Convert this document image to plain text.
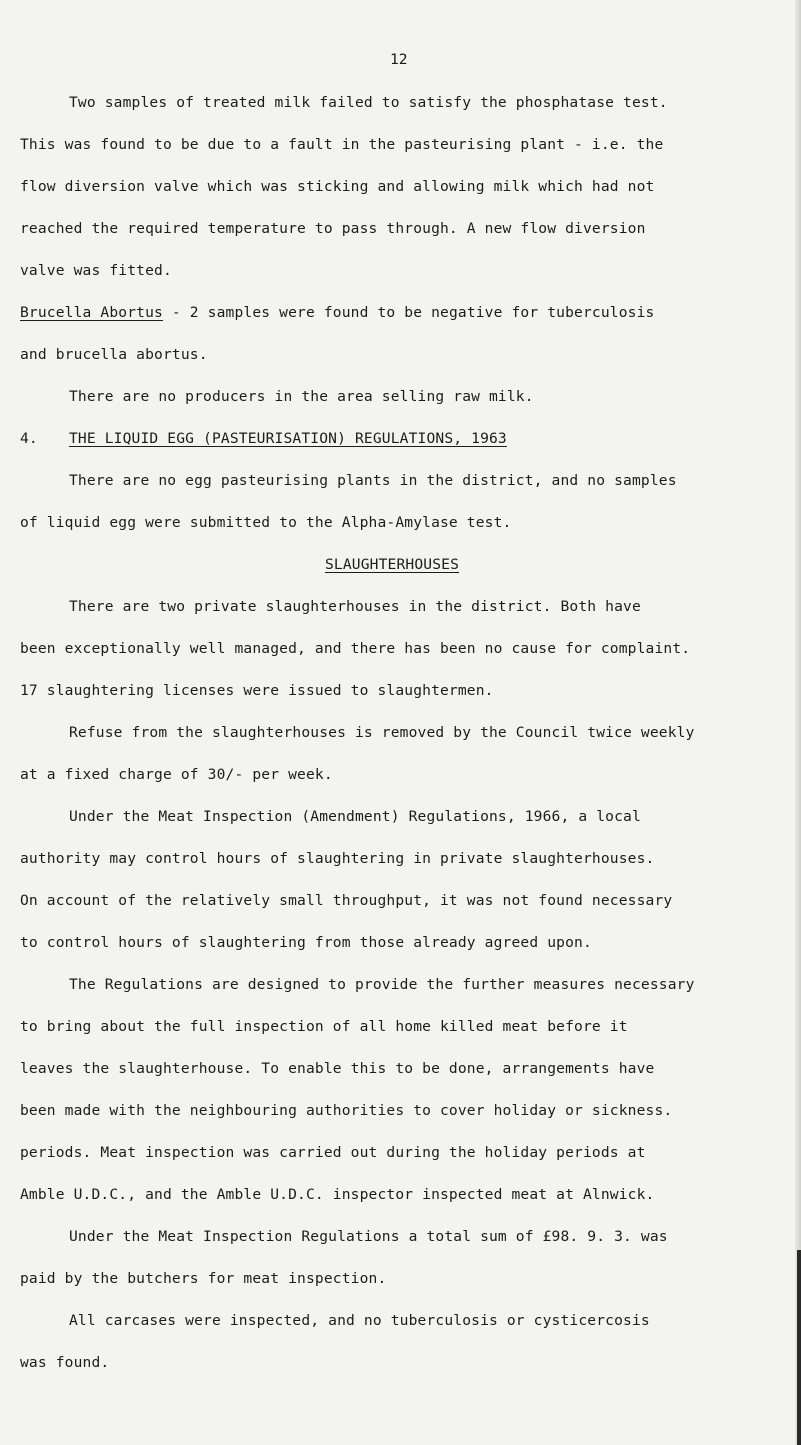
12
Two samples of treated milk failed to satisfy the phosphatase test.
This was found to be due to a fault in the pasteurising plant - i.e. the
flow diversion valve which was sticking and allowing milk which had not
reached the required temperature to pass through. A new flow diversion
valve was fitted.
Brucella Abortus - 2 samples were found to be negative for tuberculosis
and brucella abortus.
There are no producers in the area selling raw milk.
4. THE LIQUID EGG (PASTEURISATION) REGULATIONS, 1963
There are no egg pasteurising plants in the district, and no samples
of liquid egg were submitted to the Alpha-Amylase test.
SLAUGHTERHOUSES
There are two private slaughterhouses in the district. Both have
been exceptionally well managed, and there has been no cause for complaint.
17 slaughtering licenses were issued to slaughtermen.
Refuse from the slaughterhouses is removed by the Council twice weekly
at a fixed charge of 30/- per week.
Under the Meat Inspection (Amendment) Regulations, 1966, a local
authority may control hours of slaughtering in private slaughterhouses.
On account of the relatively small throughput, it was not found necessary
to control hours of slaughtering from those already agreed upon.
The Regulations are designed to provide the further measures necessary
to bring about the full inspection of all home killed meat before it
leaves the slaughterhouse. To enable this to be done, arrangements have
been made with the neighbouring authorities to cover holiday or sickness.
periods. Meat inspection was carried out during the holiday periods at
Amble U.D.C., and the Amble U.D.C. inspector inspected meat at Alnwick.
Under the Meat Inspection Regulations a total sum of £98. 9. 3. was
paid by the butchers for meat inspection.
All carcases were inspected, and no tuberculosis or cysticercosis
was found.
